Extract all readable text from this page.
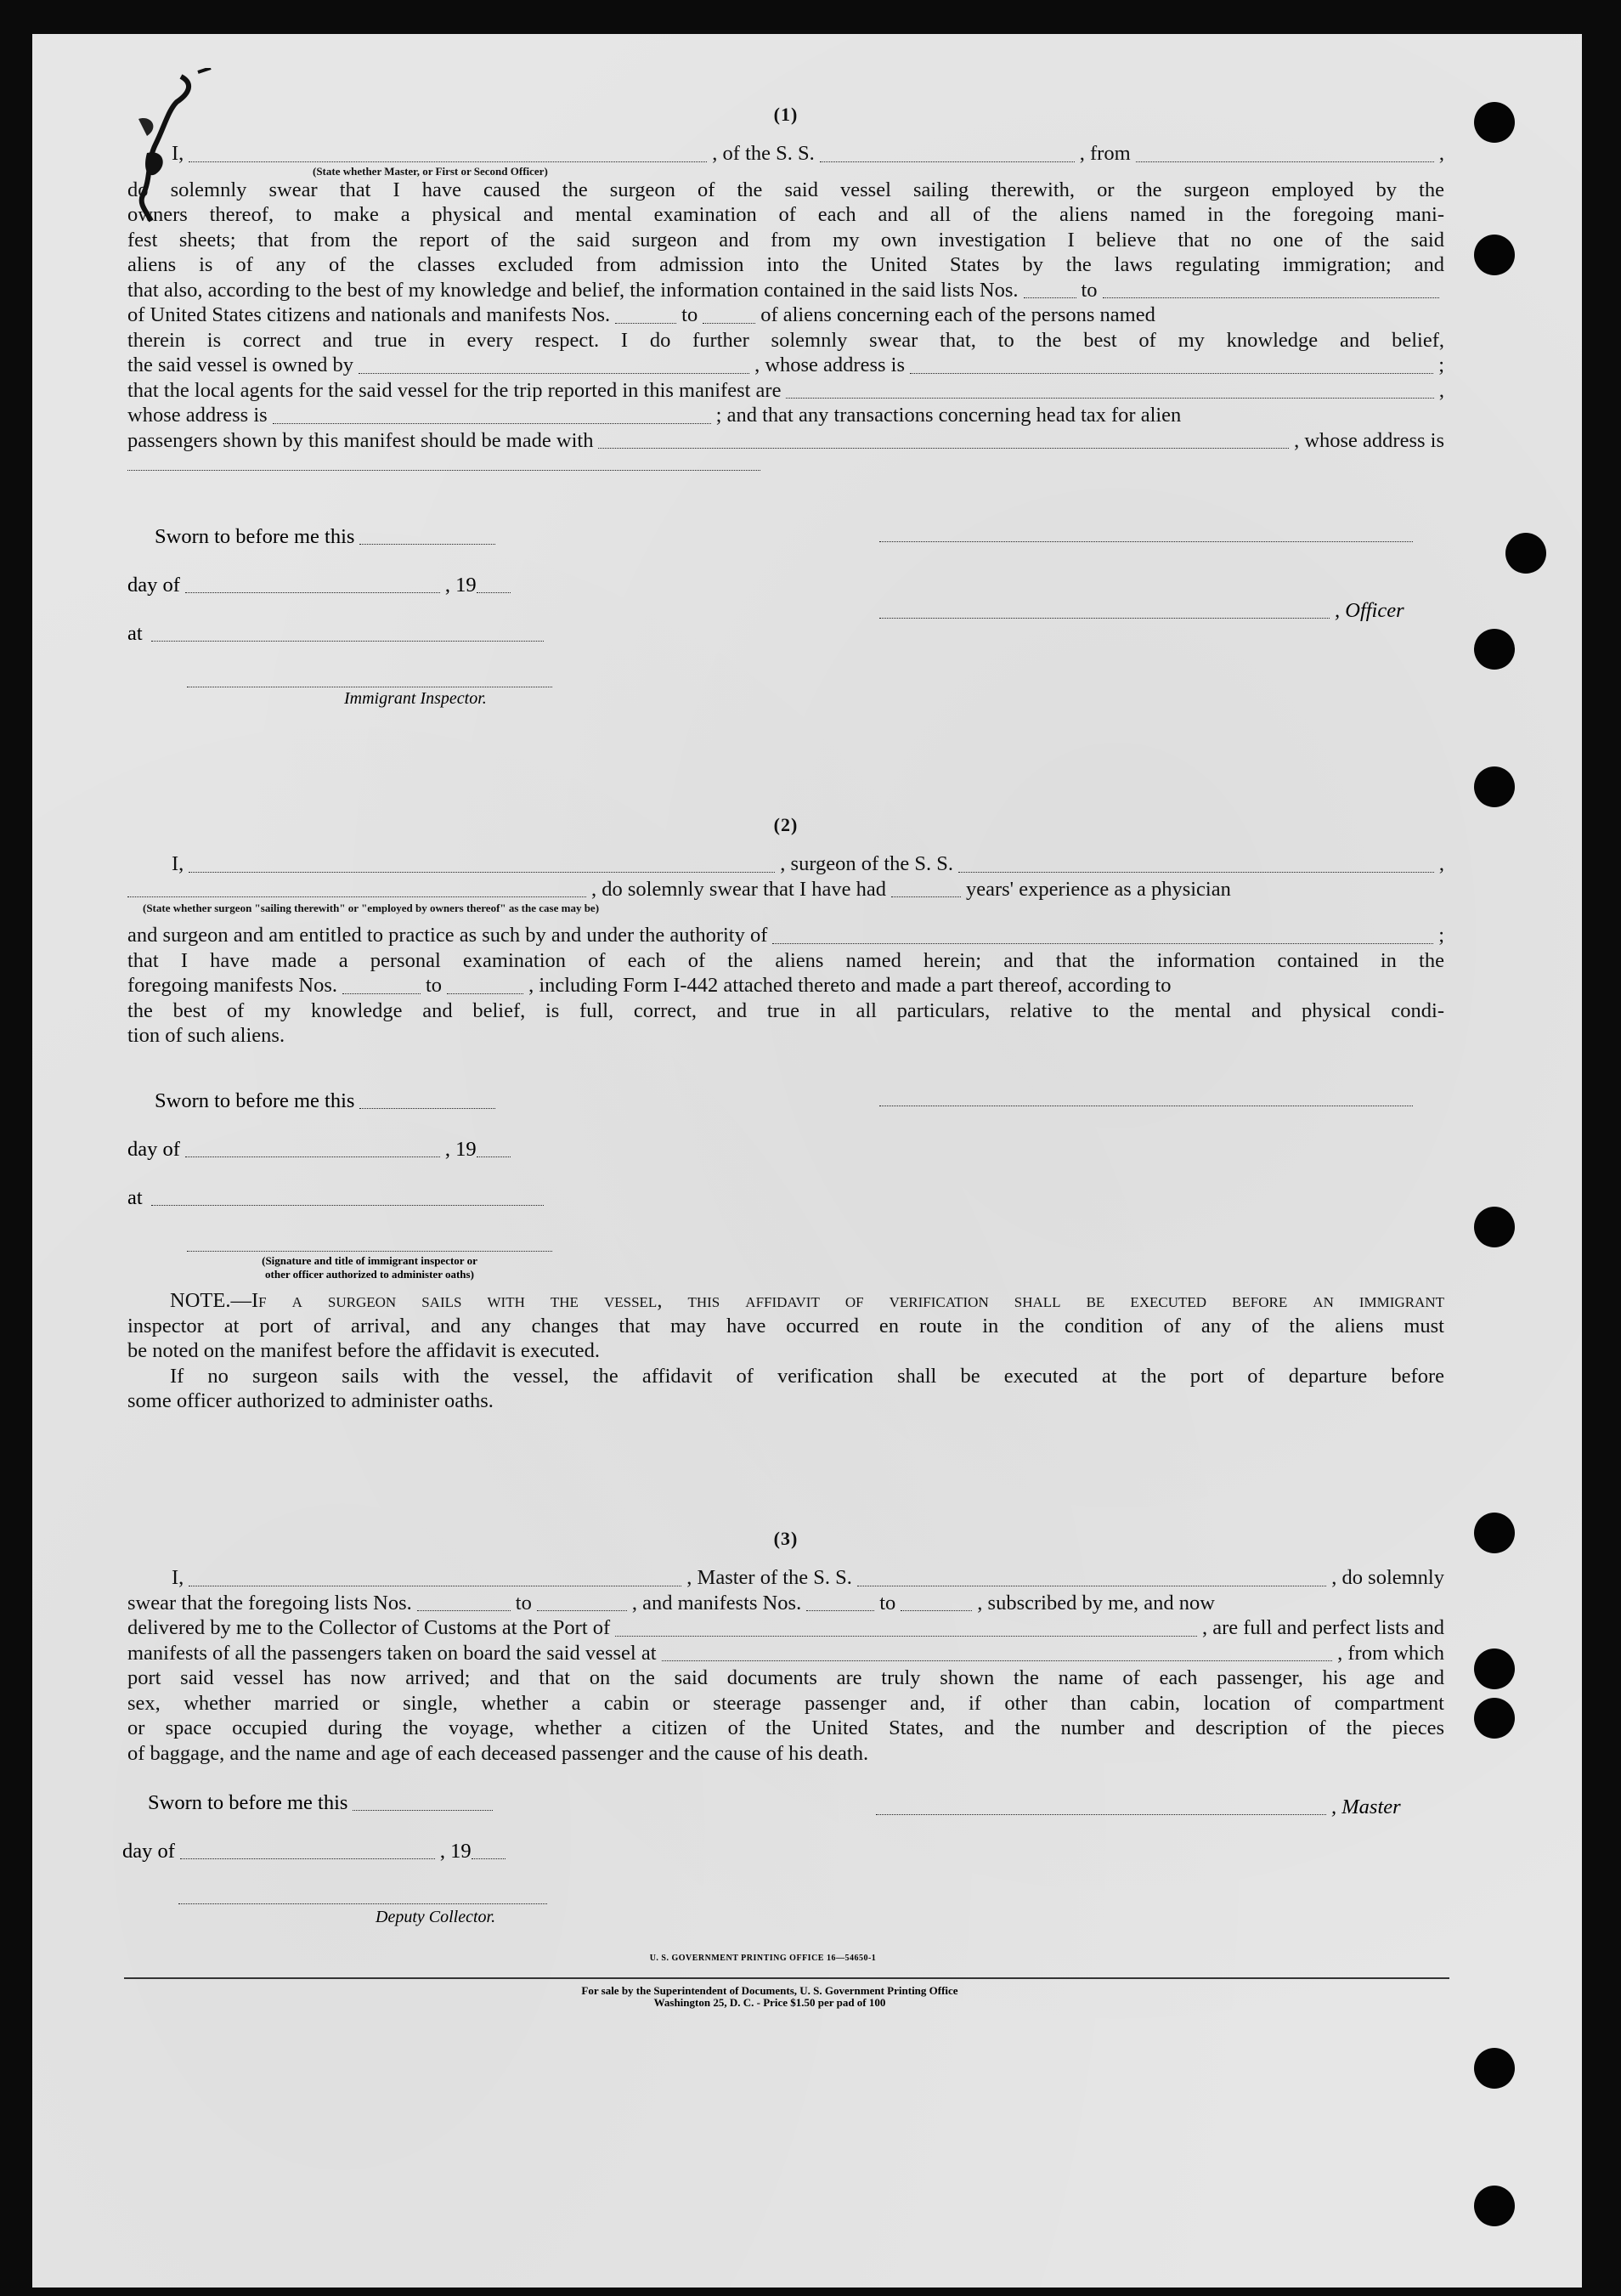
(1)
I,	, of the S. S.	, from	,
(State whether Master, or First or Second Officer)
do solemnly swear that I have caused the surgeon of the said vessel sailing therewith, or the surgeon employed by the
owners thereof, to make a physical and mental examination of each and all of the aliens named in the foregoing mani-
fest sheets; that from the report of the said surgeon and from my own investigation I believe that no one of the said
aliens is of any of the classes excluded from admission into the United States by the laws regulating immigration; and
that also, according to the best of my knowledge and belief, the information contained in the said lists Nos.	to
of United States citizens and nationals and manifests Nos.	to	of aliens concerning each of the persons named
therein is correct and true in every respect. I do further solemnly swear that, to the best of my knowledge and belief,
the said vessel is owned by	, whose address is	;
that the local agents for the said vessel for the trip reported in this manifest are	,
whose address is	; and that any transactions concerning head tax for alien
passengers shown by this manifest should be made with	, whose address is
Sworn to before me this
day of	, 19
, Officer
at
Immigrant Inspector.
(2)
I,	, surgeon of the S. S.	,
, do solemnly swear that I have had	years' experience as a physician
(State whether surgeon "sailing therewith" or "employed by owners thereof" as the case may be)
and surgeon and am entitled to practice as such by and under the authority of	;
that I have made a personal examination of each of the aliens named herein; and that the information contained in the
foregoing manifests Nos.	to	, including Form I-442 attached thereto and made a part thereof, according to
the best of my knowledge and belief, is full, correct, and true in all particulars, relative to the mental and physical condi-
tion of such aliens.
Sworn to before me this
day of	, 19
at
(Signature and title of immigrant inspector or
other officer authorized to administer oaths)
NOTE.—If a surgeon sails with the vessel, this affidavit of verification shall be executed before an immigrant
inspector at port of arrival, and any changes that may have occurred en route in the condition of any of the aliens must
be noted on the manifest before the affidavit is executed.
If no surgeon sails with the vessel, the affidavit of verification shall be executed at the port of departure before
some officer authorized to administer oaths.
(3)
I,	, Master of the S. S.	, do solemnly
swear that the foregoing lists Nos.	to	, and manifests Nos.	to	, subscribed by me, and now
delivered by me to the Collector of Customs at the Port of	, are full and perfect lists and
manifests of all the passengers taken on board the said vessel at	, from which
port said vessel has now arrived; and that on the said documents are truly shown the name of each passenger, his age and
sex, whether married or single, whether a cabin or steerage passenger and, if other than cabin, location of compartment
or space occupied during the voyage, whether a citizen of the United States, and the number and description of the pieces
of baggage, and the name and age of each deceased passenger and the cause of his death.
Sworn to before me this	, Master
day of	, 19
Deputy Collector.
U. S. GOVERNMENT PRINTING OFFICE 16—54650-1
For sale by the Superintendent of Documents, U. S. Government Printing Office
Washington 25, D. C. - Price $1.50 per pad of 100
